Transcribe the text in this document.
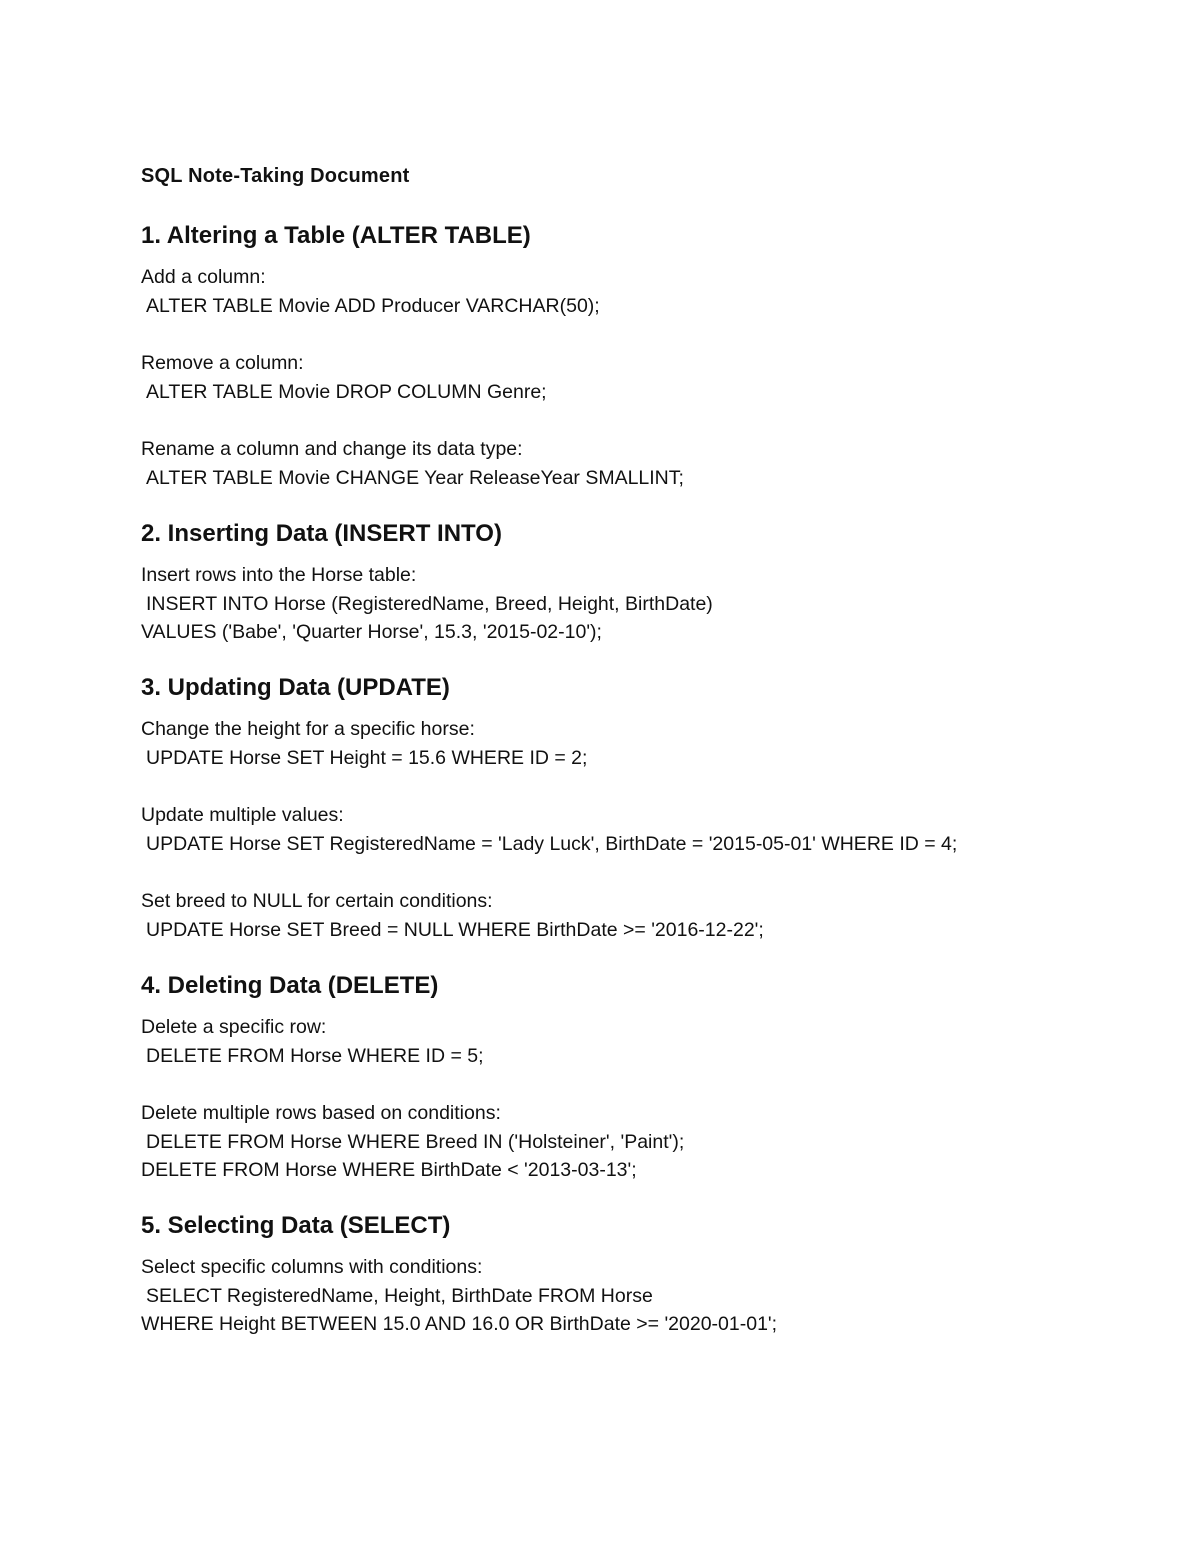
SQL Note-Taking Document
1. Altering a Table (ALTER TABLE)

Add a column:

ALTER TABLE Movie ADD Producer VARCHAR(50);

Remove a column:

ALTER TABLE Movie DROP COLUMN Genre;

Rename a column and change its data type:

ALTER TABLE Movie CHANGE Year ReleaseYear SMALLINT;

2. Inserting Data (INSERT INTO)

Insert rows into the Horse table:

INSERT INTO Horse (RegisteredName, Breed, Height, BirthDate)

VALUES ('Babe', 'Quarter Horse', 15.3, '2015-02-10');

3. Updating Data (UPDATE)

Change the height for a specific horse:

UPDATE Horse SET Height = 15.6 WHERE ID = 2;

Update multiple values:

UPDATE Horse SET RegisteredName = 'Lady Luck', BirthDate = '2015-05-01' WHERE ID = 4;

Set breed to NULL for certain conditions:

UPDATE Horse SET Breed = NULL WHERE BirthDate >= '2016-12-22';

4. Deleting Data (DELETE)

Delete a specific row:

DELETE FROM Horse WHERE ID = 5;

Delete multiple rows based on conditions:

DELETE FROM Horse WHERE Breed IN ('Holsteiner', 'Paint');

DELETE FROM Horse WHERE BirthDate < '2013-03-13';

5. Selecting Data (SELECT)

Select specific columns with conditions:

SELECT RegisteredName, Height, BirthDate FROM Horse

WHERE Height BETWEEN 15.0 AND 16.0 OR BirthDate >= '2020-01-01';
